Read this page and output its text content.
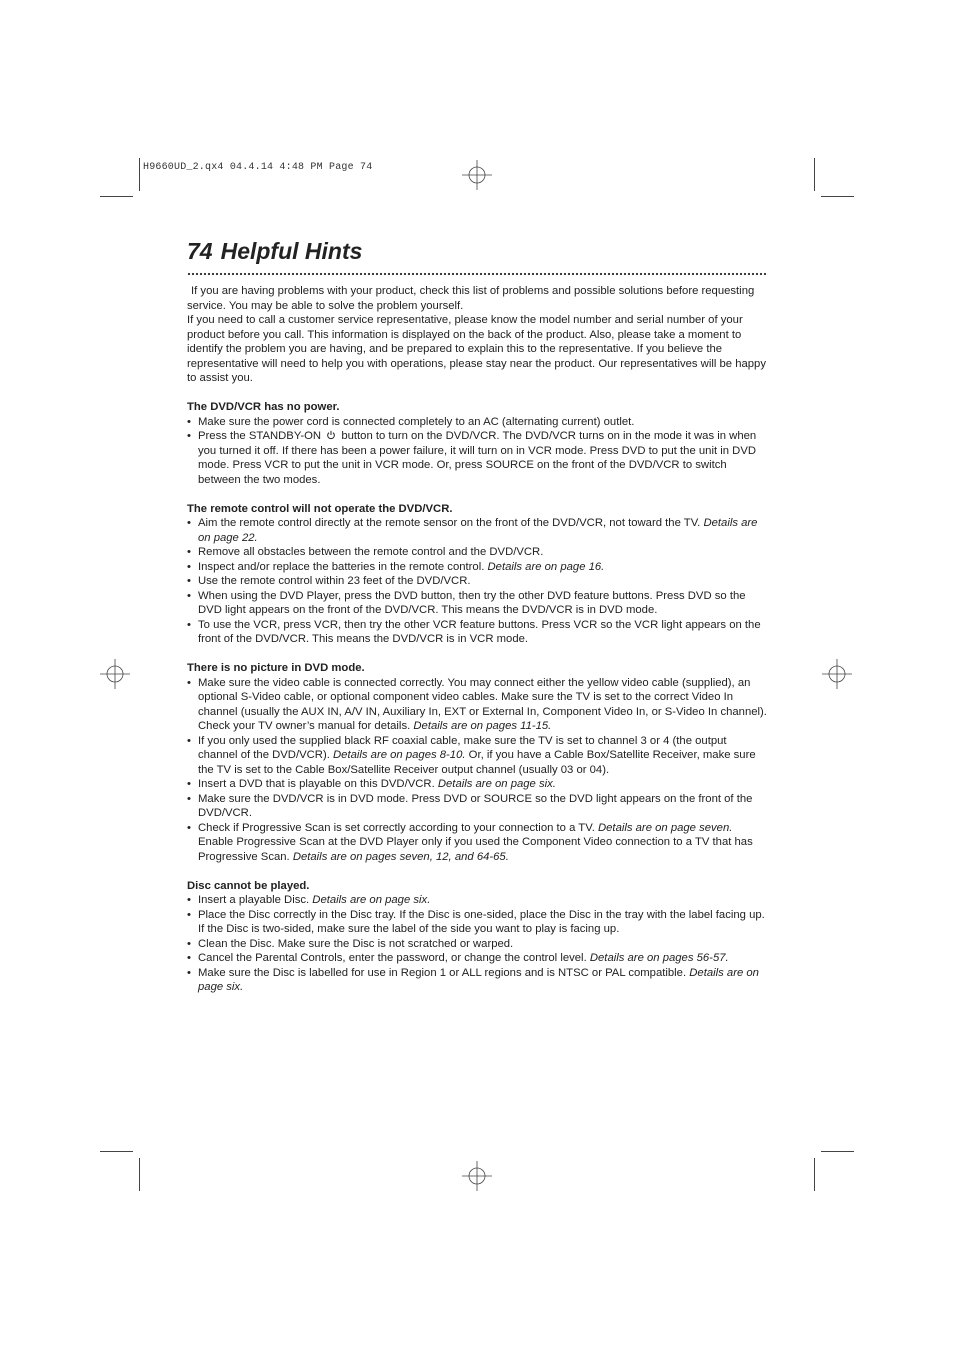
H9660UD_2.qx4 04.4.14 4:48 PM Page 74
74 Helpful Hints

If you are having problems with your product, check this list of problems and possible solutions before requesting service. You may be able to solve the problem yourself.

If you need to call a customer service representative, please know the model number and serial number of your product before you call. This information is displayed on the back of the product. Also, please take a moment to identify the problem you are having, and be prepared to explain this to the representative. If you believe the representative will need to help you with operations, please stay near the product. Our representatives will be happy to assist you.

The DVD/VCR has no power.
• Make sure the power cord is connected completely to an AC (alternating current) outlet.
• Press the STANDBY-ON button to turn on the DVD/VCR. The DVD/VCR turns on in the mode it was in when you turned it off. If there has been a power failure, it will turn on in VCR mode. Press DVD to put the unit in DVD mode. Press VCR to put the unit in VCR mode. Or, press SOURCE on the front of the DVD/VCR to switch between the two modes.
The remote control will not operate the DVD/VCR.
• Aim the remote control directly at the remote sensor on the front of the DVD/VCR, not toward the TV. Details are on page 22.
• Remove all obstacles between the remote control and the DVD/VCR.
• Inspect and/or replace the batteries in the remote control. Details are on page 16.
• Use the remote control within 23 feet of the DVD/VCR.
• When using the DVD Player, press the DVD button, then try the other DVD feature buttons. Press DVD so the DVD light appears on the front of the DVD/VCR. This means the DVD/VCR is in DVD mode.
• To use the VCR, press VCR, then try the other VCR feature buttons. Press VCR so the VCR light appears on the front of the DVD/VCR. This means the DVD/VCR is in VCR mode.
There is no picture in DVD mode.
• Make sure the video cable is connected correctly. You may connect either the yellow video cable (supplied), an optional S-Video cable, or optional component video cables. Make sure the TV is set to the correct Video In channel (usually the AUX IN, A/V IN, Auxiliary In, EXT or External In, Component Video In, or S-Video In channel). Check your TV owner’s manual for details. Details are on pages 11-15.
• If you only used the supplied black RF coaxial cable, make sure the TV is set to channel 3 or 4 (the output channel of the DVD/VCR). Details are on pages 8-10. Or, if you have a Cable Box/Satellite Receiver, make sure the TV is set to the Cable Box/Satellite Receiver output channel (usually 03 or 04).
• Insert a DVD that is playable on this DVD/VCR. Details are on page six.
• Make sure the DVD/VCR is in DVD mode. Press DVD or SOURCE so the DVD light appears on the front of the DVD/VCR.
• Check if Progressive Scan is set correctly according to your connection to a TV. Details are on page seven. Enable Progressive Scan at the DVD Player only if you used the Component Video connection to a TV that has Progressive Scan. Details are on pages seven, 12, and 64-65.
Disc cannot be played.
• Insert a playable Disc. Details are on page six.
• Place the Disc correctly in the Disc tray. If the Disc is one-sided, place the Disc in the tray with the label facing up. If the Disc is two-sided, make sure the label of the side you want to play is facing up.
• Clean the Disc. Make sure the Disc is not scratched or warped.
• Cancel the Parental Controls, enter the password, or change the control level. Details are on pages 56-57.
• Make sure the Disc is labelled for use in Region 1 or ALL regions and is NTSC or PAL compatible. Details are on page six.
